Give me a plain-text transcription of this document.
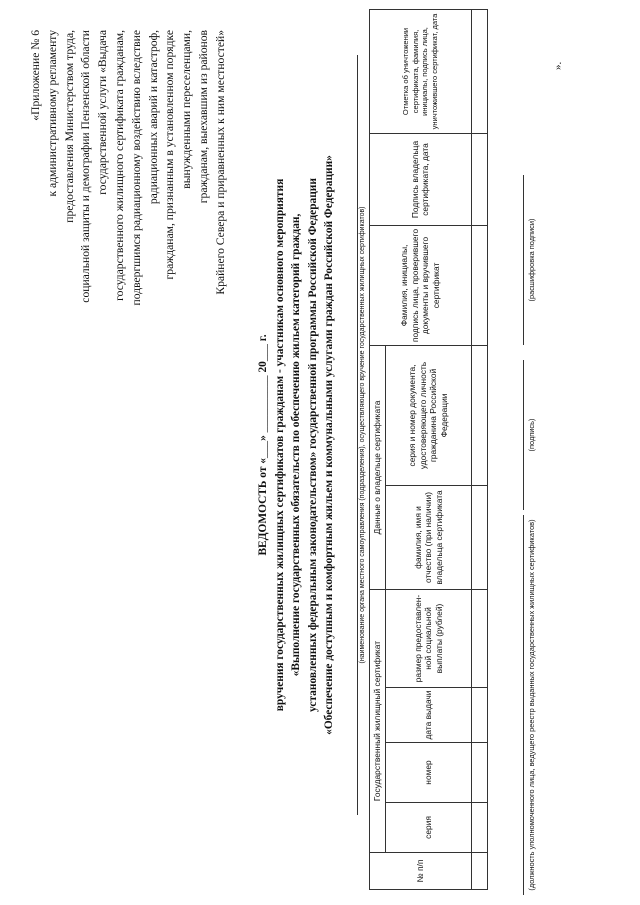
«Приложение № 6 к административному регламенту предоставления Министерством труда, социальной защиты и демографии Пензенской области государственной услуги «Выдача государственного жилищного сертификата гражданам, подвергшимся радиационному воздействию вследствие радиационных аварий и катастроф, гражданам, признанным в установленном порядке вынужденными переселенцами, гражданам, выехавшим из районов Крайнего Севера и приравненных к ним местностей»
ВЕДОМОСТЬ от «___» __________ 20___ г. вручения государственных жилищных сертификатов гражданам - участникам основного мероприятия «Выполнение государственных обязательств по обеспечению жильем категорий граждан, установленных федеральным законодательством» государственной программы Российской Федерации «Обеспечение доступным и комфортным жильем и коммунальными услугами граждан Российской Федерации»	(наименование органа местного самоуправления (подразделения), осуществляющего вручение государственных жилищных сертификатов)
№ п/п	Государственный жилищный сертификат				Данные о владельце сертификата		Фамилия, инициалы, подпись лица, проверившего документы и вручившего сертификат	Подпись владельца сертификата, дата	Отметка об уничтожении сертификата, фамилия, инициалы, подпись лица, уничтожившего сертификат, дата
	серия	номер	дата выдачи	размер предоставлен-ной социальной выплаты (рублей)	фамилия, имя и отчество (при наличии) владельца сертификата	серия и номер документа, удостоверяющего личность гражданина Российской Федерации			

(должность уполномоченного лица, ведущего реестр выданных государственных жилищных сертификатов)
(подпись)
(расшифровка подписи)
».
